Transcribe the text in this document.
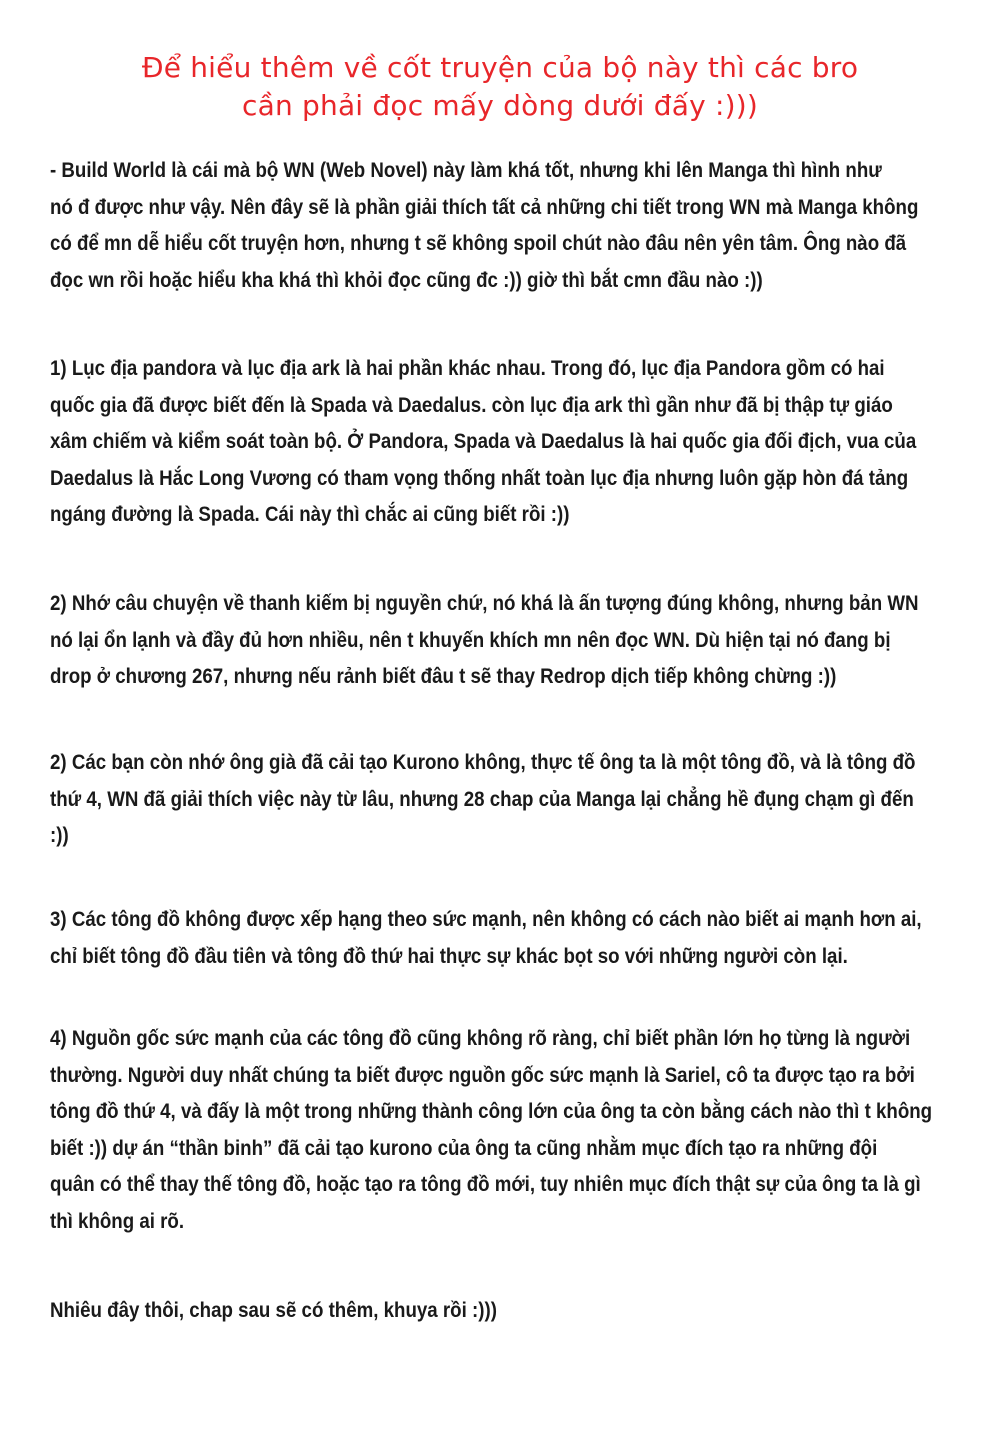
Để hiểu thêm về cốt truyện của bộ này thì các bro
cần phải đọc mấy dòng dưới đấy :)))
- Build World là cái mà bộ WN (Web Novel) này làm khá tốt, nhưng khi lên Manga thì hình như
nó đ được như vậy. Nên đây sẽ là phần giải thích tất cả những chi tiết trong WN mà Manga không
có để mn dễ hiểu cốt truyện hơn, nhưng t sẽ không spoil chút nào đâu nên yên tâm. Ông nào đã
đọc wn rồi hoặc hiểu kha khá thì khỏi đọc cũng đc :)) giờ thì bắt cmn đầu nào :))
1) Lục địa pandora và lục địa ark là hai phần khác nhau. Trong đó, lục địa Pandora gồm có hai
quốc gia đã được biết đến là Spada và Daedalus. còn lục địa ark thì gần như đã bị thập tự giáo
xâm chiếm và kiểm soát toàn bộ. Ở Pandora, Spada và Daedalus là hai quốc gia đối địch, vua của
Daedalus là Hắc Long Vương có tham vọng thống nhất toàn lục địa nhưng luôn gặp hòn đá tảng
ngáng đường là Spada. Cái này thì chắc ai cũng biết rồi :))
2) Nhớ câu chuyện về thanh kiếm bị nguyền chứ, nó khá là ấn tượng đúng không, nhưng bản WN
nó lại ổn lạnh và đầy đủ hơn nhiều, nên t khuyến khích mn nên đọc WN. Dù hiện tại nó đang bị
drop ở chương 267, nhưng nếu rảnh biết đâu t sẽ thay Redrop dịch tiếp không chừng :))
2) Các bạn còn nhớ ông già đã cải tạo Kurono không, thực tế ông ta là một tông đồ, và là tông đồ
thứ 4, WN đã giải thích việc này từ lâu, nhưng 28 chap của Manga lại chẳng hề đụng chạm gì đến
:))
3) Các tông đồ không được xếp hạng theo sức mạnh, nên không có cách nào biết ai mạnh hơn ai,
chỉ biết tông đồ đầu tiên và tông đồ thứ hai thực sự khác bọt so với những người còn lại.
4) Nguồn gốc sức mạnh của các tông đồ cũng không rõ ràng, chỉ biết phần lớn họ từng là người
thường. Người duy nhất chúng ta biết được nguồn gốc sức mạnh là Sariel, cô ta được tạo ra bởi
tông đồ thứ 4, và đấy là một trong những thành công lớn của ông ta còn bằng cách nào thì t không
biết :)) dự án “thần binh” đã cải tạo kurono của ông ta cũng nhằm mục đích tạo ra những đội
quân có thể thay thế tông đồ, hoặc tạo ra tông đồ mới, tuy nhiên mục đích thật sự của ông ta là gì
thì không ai rõ.
Nhiêu đây thôi, chap sau sẽ có thêm, khuya rồi :)))
